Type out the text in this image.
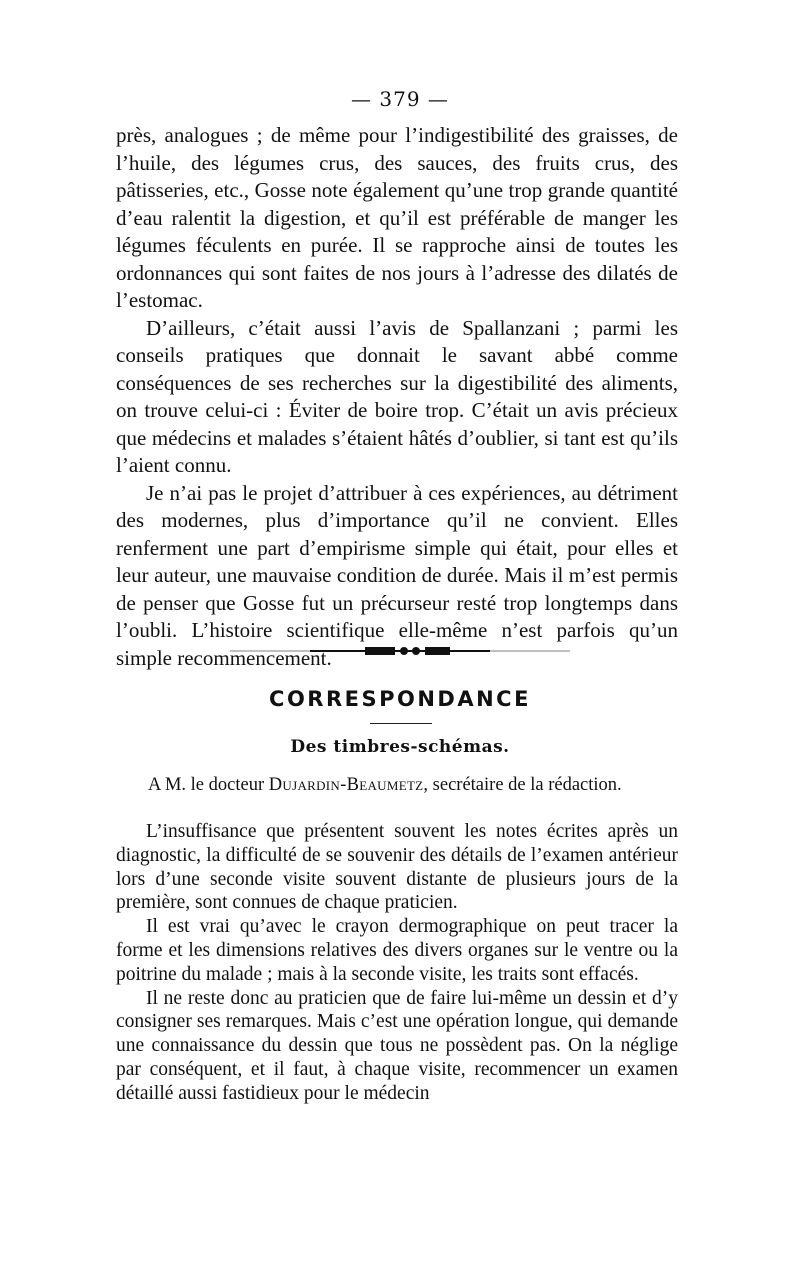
— 379 —

près, analogues ; de même pour l’indigestibilité des graisses, de l’huile, des légumes crus, des sauces, des fruits crus, des pâtisseries, etc., Gosse note également qu’une trop grande quantité d’eau ralentit la digestion, et qu’il est préférable de manger les légumes féculents en purée. Il se rapproche ainsi de toutes les ordonnances qui sont faites de nos jours à l’adresse des dilatés de l’estomac.

D’ailleurs, c’était aussi l’avis de Spallanzani ; parmi les conseils pratiques que donnait le savant abbé comme conséquences de ses recherches sur la digestibilité des aliments, on trouve celui-ci : Éviter de boire trop. C’était un avis précieux que médecins et malades s’étaient hâtés d’oublier, si tant est qu’ils l’aient connu.

Je n’ai pas le projet d’attribuer à ces expériences, au détriment des modernes, plus d’importance qu’il ne convient. Elles renferment une part d’empirisme simple qui était, pour elles et leur auteur, une mauvaise condition de durée. Mais il m’est permis de penser que Gosse fut un précurseur resté trop longtemps dans l’oubli. L’histoire scientifique elle-même n’est parfois qu’un simple recommencement.

CORRESPONDANCE
Des timbres-schémas.
A M. le docteur Dujardin-Beaumetz, secrétaire de la rédaction.

L’insuffisance que présentent souvent les notes écrites après un diagnostic, la difficulté de se souvenir des détails de l’examen antérieur lors d’une seconde visite souvent distante de plusieurs jours de la première, sont connues de chaque praticien.

Il est vrai qu’avec le crayon dermographique on peut tracer la forme et les dimensions relatives des divers organes sur le ventre ou la poitrine du malade ; mais à la seconde visite, les traits sont effacés.

Il ne reste donc au praticien que de faire lui-même un dessin et d’y consigner ses remarques. Mais c’est une opération longue, qui demande une connaissance du dessin que tous ne possèdent pas. On la néglige par conséquent, et il faut, à chaque visite, recommencer un examen détaillé aussi fastidieux pour le médecin
